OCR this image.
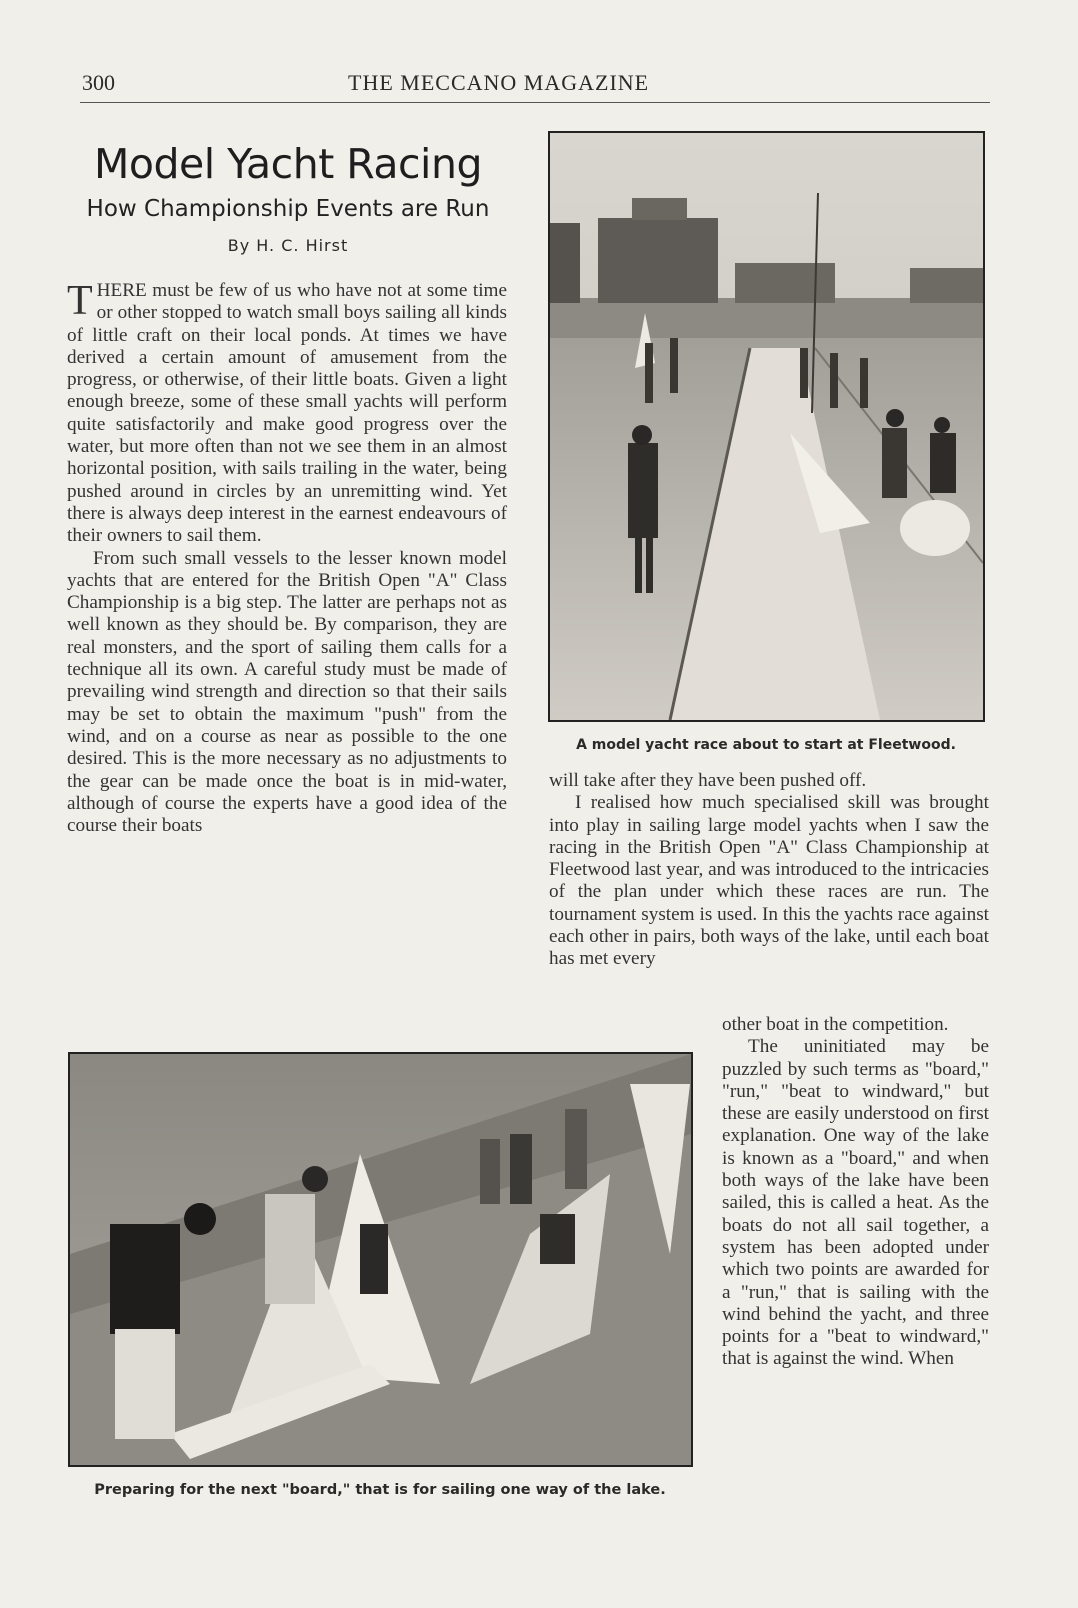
300	THE MECCANO MAGAZINE
Model Yacht Racing
How Championship Events are Run
By H. C. Hirst

THERE must be few of us who have not at some time or other stopped to watch small boys sailing all kinds of little craft on their local ponds. At times we have derived a certain amount of amusement from the progress, or otherwise, of their little boats. Given a light enough breeze, some of these small yachts will perform quite satisfactorily and make good progress over the water, but more often than not we see them in an almost horizontal position, with sails trailing in the water, being pushed around in circles by an unremitting wind. Yet there is always deep interest in the earnest endeavours of their owners to sail them.

From such small vessels to the lesser known model yachts that are entered for the British Open "A" Class Championship is a big step. The latter are perhaps not as well known as they should be. By comparison, they are real monsters, and the sport of sailing them calls for a technique all its own. A careful study must be made of prevailing wind strength and direction so that their sails may be set to obtain the maximum "push" from the wind, and on a course as near as possible to the one desired. This is the more necessary as no adjustments to the gear can be made once the boat is in mid-water, although of course the experts have a good idea of the course their boats

A model yacht race about to start at Fleetwood.

will take after they have been pushed off.

I realised how much specialised skill was brought into play in sailing large model yachts when I saw the racing in the British Open "A" Class Championship at Fleetwood last year, and was introduced to the intricacies of the plan under which these races are run. The tournament system is used. In this the yachts race against each other in pairs, both ways of the lake, until each boat has met every

other boat in the competition.

The uninitiated may be puzzled by such terms as "board," "run," "beat to windward," but these are easily understood on first explanation. One way of the lake is known as a "board," and when both ways of the lake have been sailed, this is called a heat. As the boats do not all sail together, a system has been adopted under which two points are awarded for a "run," that is sailing with the wind behind the yacht, and three points for a "beat to windward," that is against the wind. When

Preparing for the next "board," that is for sailing one way of the lake.
